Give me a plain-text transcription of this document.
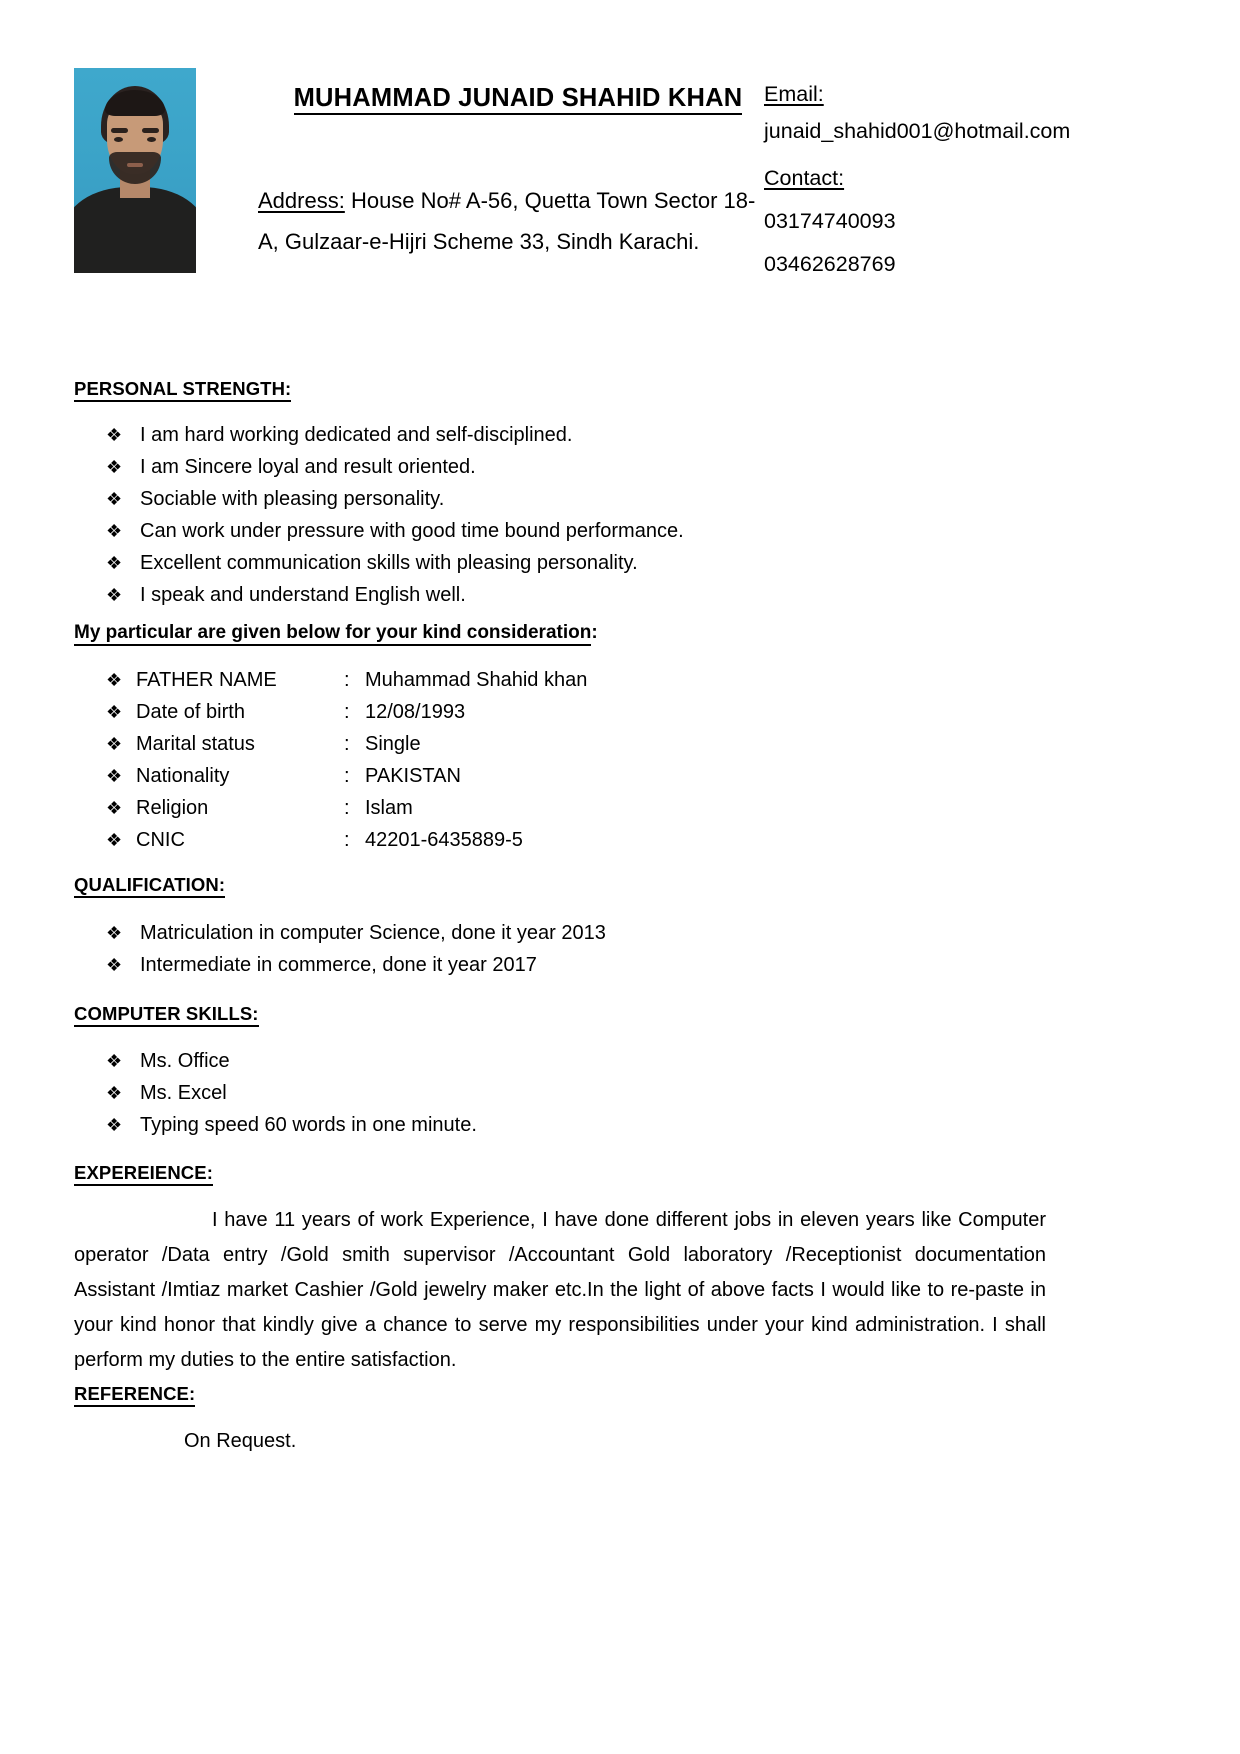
MUHAMMAD JUNAID SHAHID KHAN
Address: House No# A-56, Quetta Town Sector 18-A, Gulzaar-e-Hijri Scheme 33, Sindh Karachi.
Email:
junaid_shahid001@hotmail.com
Contact:
03174740093
03462628769
PERSONAL STRENGTH:
❖ I am hard working dedicated and self-disciplined.
❖ I am Sincere loyal and result oriented.
❖ Sociable with pleasing personality.
❖ Can work under pressure with good time bound performance.
❖ Excellent communication skills with pleasing personality.
❖ I speak and understand English well.
My particular are given below for your kind consideration:
❖ FATHER NAME	: Muhammad Shahid khan
❖ Date of birth	: 12/08/1993
❖ Marital status	: Single
❖ Nationality	: PAKISTAN
❖ Religion	: Islam
❖ CNIC	: 42201-6435889-5
QUALIFICATION:
❖ Matriculation in computer Science, done it year 2013
❖ Intermediate in commerce, done it year 2017
COMPUTER SKILLS:
❖ Ms. Office
❖ Ms. Excel
❖ Typing speed 60 words in one minute.
EXPEREIENCE:
I have 11 years of work Experience, I have done different jobs in eleven years like Computer operator /Data entry /Gold smith supervisor /Accountant Gold laboratory /Receptionist documentation Assistant /Imtiaz market Cashier /Gold jewelry maker etc.In the light of above facts I would like to re-paste in your kind honor that kindly give a chance to serve my responsibilities under your kind administration. I shall perform my duties to the entire satisfaction.
REFERENCE:
On Request.
